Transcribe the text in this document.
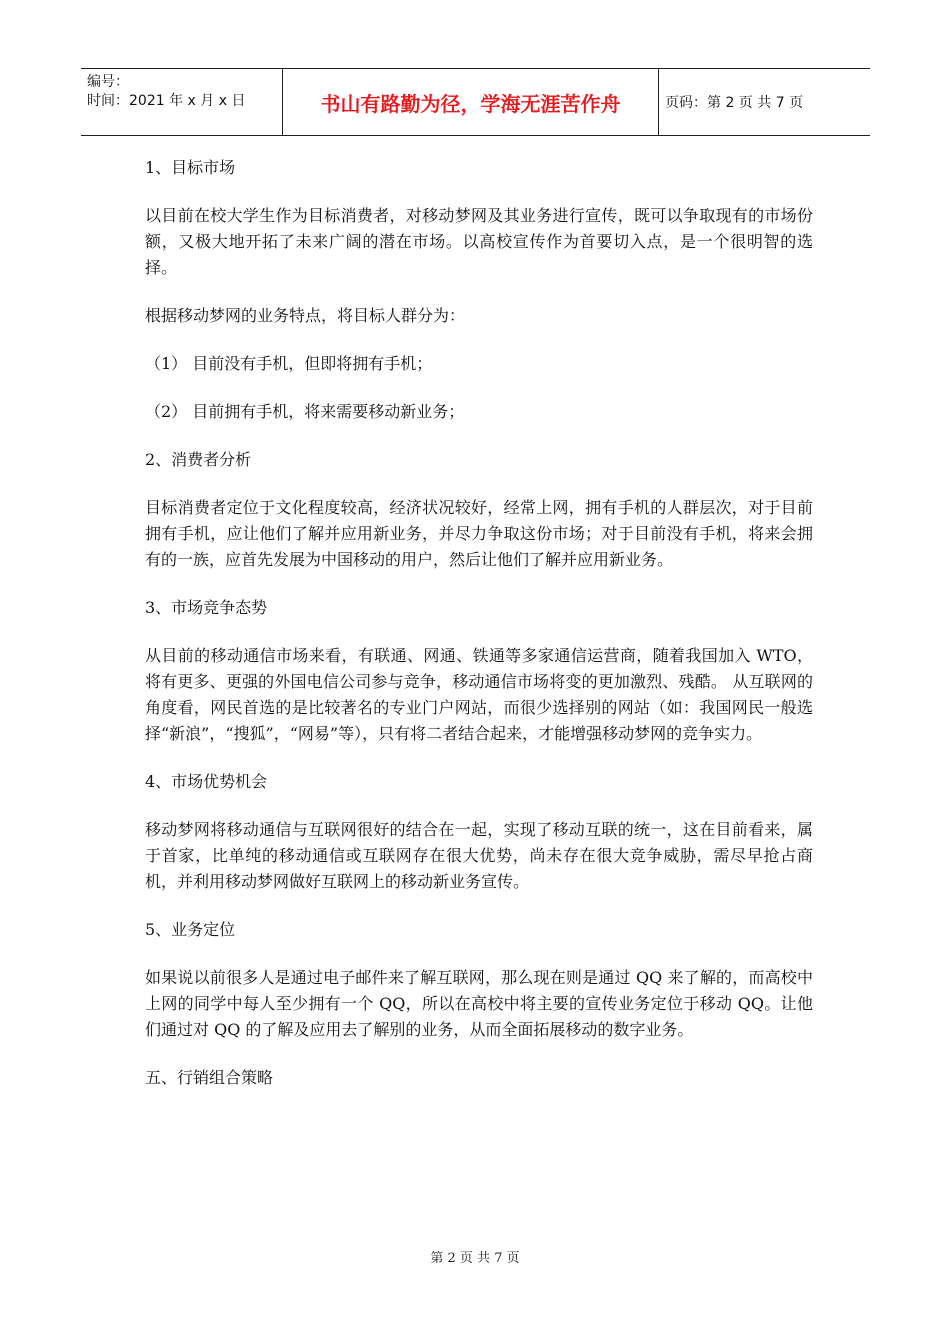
编号：
时间：2021 年 x 月 x 日	书山有路勤为径，学海无涯苦作舟	页码：第 2 页 共 7 页
1、目标市场
以目前在校大学生作为目标消费者，对移动梦网及其业务进行宣传，既可以争取现有的市场份额，又极大地开拓了未来广阔的潜在市场。以高校宣传作为首要切入点，是一个很明智的选择。
根据移动梦网的业务特点，将目标人群分为：
（1） 目前没有手机，但即将拥有手机；
（2） 目前拥有手机，将来需要移动新业务；
2、消费者分析
目标消费者定位于文化程度较高，经济状况较好，经常上网，拥有手机的人群层次，对于目前拥有手机，应让他们了解并应用新业务，并尽力争取这份市场；对于目前没有手机，将来会拥有的一族，应首先发展为中国移动的用户，然后让他们了解并应用新业务。
3、市场竞争态势
从目前的移动通信市场来看，有联通、网通、铁通等多家通信运营商，随着我国加入 WTO，将有更多、更强的外国电信公司参与竞争，移动通信市场将变的更加激烈、残酷。 从互联网的角度看，网民首选的是比较著名的专业门户网站，而很少选择别的网站（如：我国网民一般选择“新浪”，“搜狐”，“网易”等），只有将二者结合起来，才能增强移动梦网的竞争实力。
4、市场优势机会
移动梦网将移动通信与互联网很好的结合在一起，实现了移动互联的统一，这在目前看来，属于首家，比单纯的移动通信或互联网存在很大优势，尚未存在很大竞争威胁，需尽早抢占商机，并利用移动梦网做好互联网上的移动新业务宣传。
5、业务定位
如果说以前很多人是通过电子邮件来了解互联网，那么现在则是通过 QQ 来了解的，而高校中上网的同学中每人至少拥有一个 QQ，所以在高校中将主要的宣传业务定位于移动 QQ。让他们通过对 QQ 的了解及应用去了解别的业务，从而全面拓展移动的数字业务。
五、行销组合策略
第 2 页 共 7 页
